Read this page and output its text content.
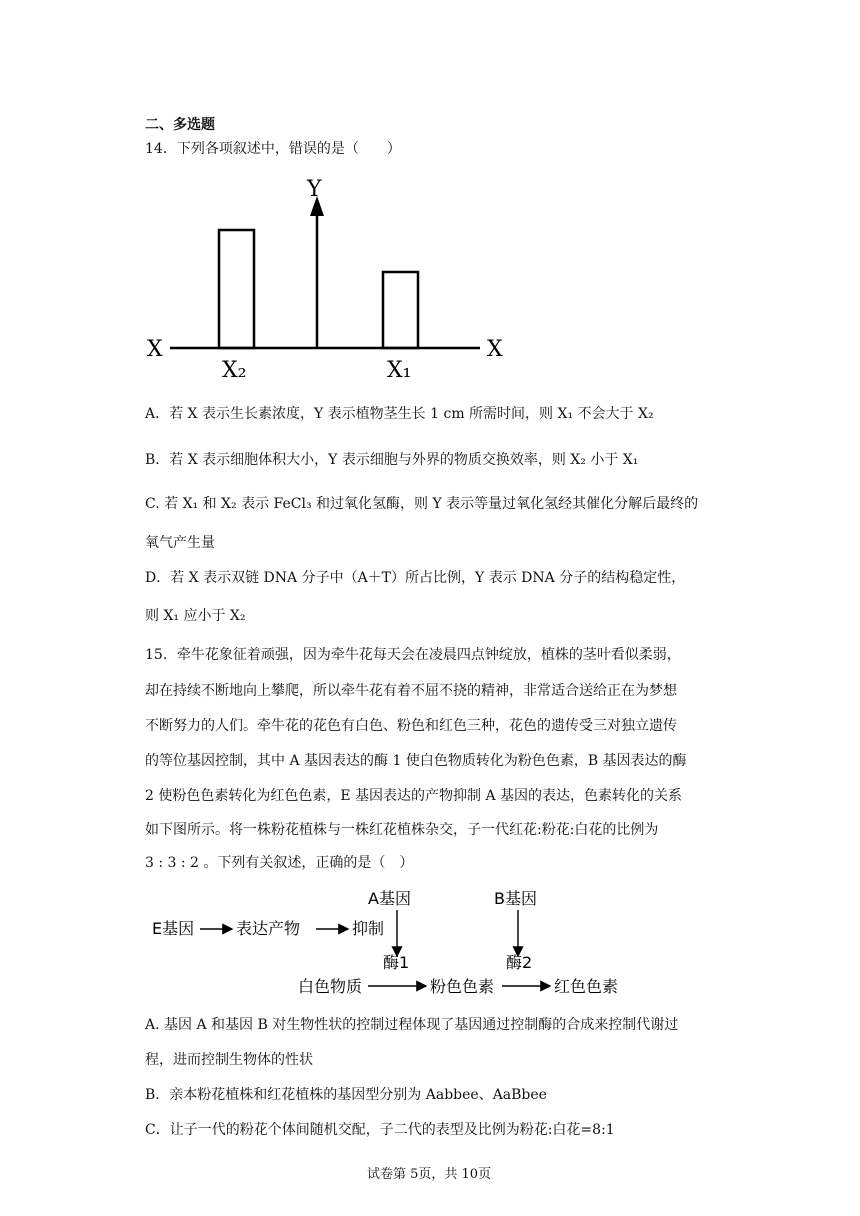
二、多选题
14．下列各项叙述中，错误的是（　　）
Y
X	X
X₂	X₁
A．若 X 表示生长素浓度，Y 表示植物茎生长 1 cm 所需时间，则 X₁ 不会大于 X₂
B．若 X 表示细胞体积大小，Y 表示细胞与外界的物质交换效率，则 X₂ 小于 X₁
C. 若 X₁ 和 X₂ 表示 FeCl₃ 和过氧化氢酶，则 Y 表示等量过氧化氢经其催化分解后最终的
氧气产生量
D．若 X 表示双链 DNA 分子中（A＋T）所占比例，Y 表示 DNA 分子的结构稳定性，
则 X₁ 应小于 X₂
15．牵牛花象征着顽强，因为牵牛花每天会在凌晨四点钟绽放，植株的茎叶看似柔弱，
却在持续不断地向上攀爬，所以牵牛花有着不屈不挠的精神，非常适合送给正在为梦想
不断努力的人们。牵牛花的花色有白色、粉色和红色三种，花色的遗传受三对独立遗传
的等位基因控制，其中 A 基因表达的酶 1 使白色物质转化为粉色色素，B 基因表达的酶
2 使粉色色素转化为红色色素，E 基因表达的产物抑制 A 基因的表达，色素转化的关系
如下图所示。将一株粉花植株与一株红花植株杂交，子一代红花:粉花:白花的比例为
3 : 3 : 2 。下列有关叙述，正确的是（　）
E基因	表达产物	抑制
A基因	B基因
酶1	酶2
白色物质	粉色色素	红色色素
A. 基因 A 和基因 B 对生物性状的控制过程体现了基因通过控制酶的合成来控制代谢过
程，进而控制生物体的性状
B．亲本粉花植株和红花植株的基因型分别为 Aabbee、AaBbee
C．让子一代的粉花个体间随机交配，子二代的表型及比例为粉花:白花=8:1
试卷第 5页，共 10页
